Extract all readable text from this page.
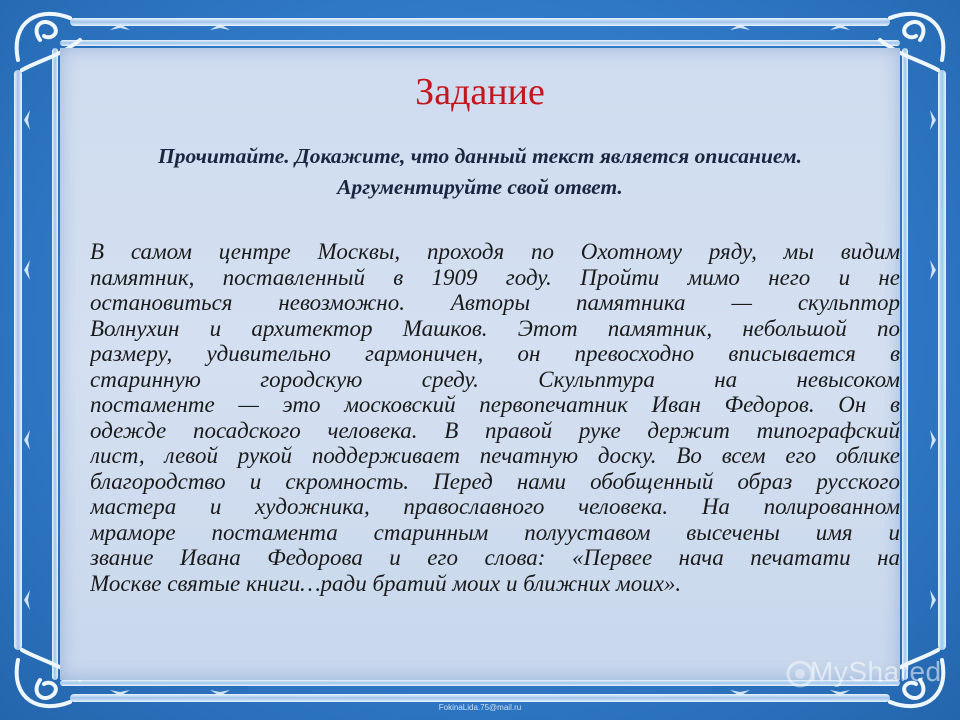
Задание
Прочитайте. Докажите, что данный текст является описанием.
Аргументируйте свой ответ.
В самом центре Москвы, проходя по Охотному ряду, мы видим
памятник, поставленный в 1909 году. Пройти мимо него и не
остановиться невозможно. Авторы памятника — скульптор
Волнухин и архитектор Машков. Этот памятник, небольшой по
размеру, удивительно гармоничен, он превосходно вписывается в
старинную городскую среду. Скульптура на невысоком
постаменте — это московский первопечатник Иван Федоров. Он в
одежде посадского человека. В правой руке держит типографский
лист, левой рукой поддерживает печатную доску. Во всем его облике
благородство и скромность. Перед нами обобщенный образ русского
мастера и художника, православного человека. На полированном
мраморе постамента старинным полууставом высечены имя и
звание Ивана Федорова и его слова: «Первее нача печатати на
Москве святые книги…ради братий моих и ближних моих».
MyShared
FokinaLida.75@mail.ru
